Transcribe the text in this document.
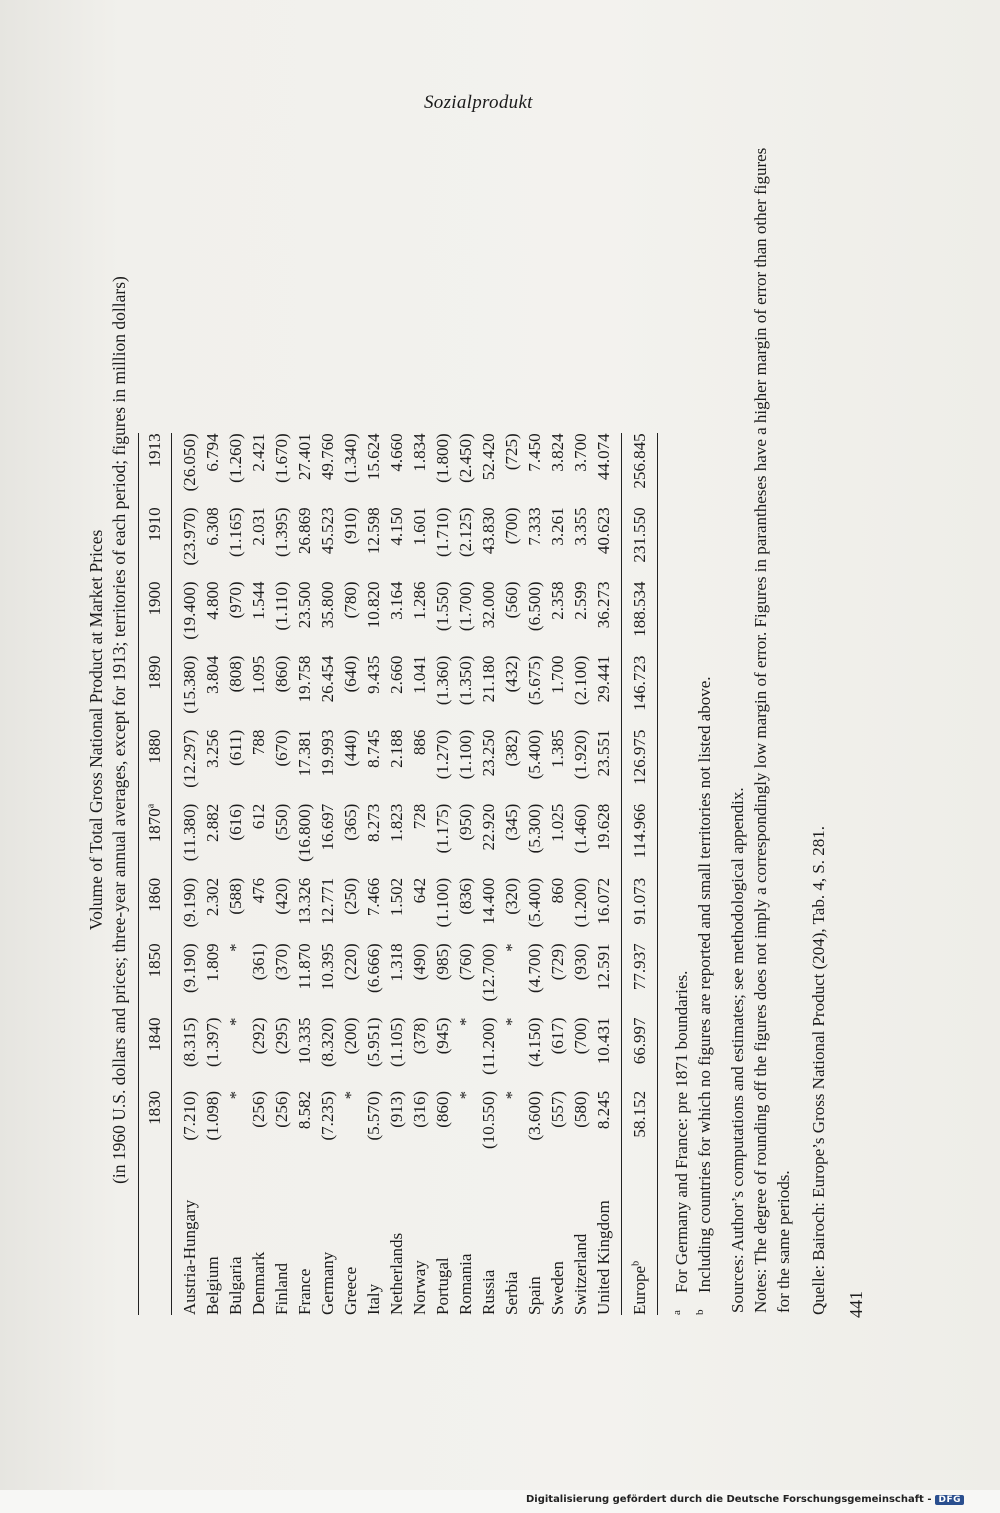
Sozialprodukt
Volume of Total Gross National Product at Market Prices (in 1960 U.S. dollars and prices; three-year annual averages, except for 1913; territories of each period; figures in million dollars)
	1830	1840	1850	1860	1870$^a$	1880	1890	1900	1910	1913
Austria-Hungary	(7.210)	(8.315)	(9.190)	(9.190)	(11.380)	(12.297)	(15.380)	(19.400)	(23.970)	(26.050)
Belgium	(1.098)	(1.397)	1.809	2.302	2.882	3.256	3.804	4.800	6.308	6.794
Bulgaria	*	*	*	(588)	(616)	(611)	(808)	(970)	(1.165)	(1.260)
Denmark	(256)	(292)	(361)	476	612	788	1.095	1.544	2.031	2.421
Finland	(256)	(295)	(370)	(420)	(550)	(670)	(860)	(1.110)	(1.395)	(1.670)
France	8.582	10.335	11.870	13.326	(16.800)	17.381	19.758	23.500	26.869	27.401
Germany	(7.235)	(8.320)	10.395	12.771	16.697	19.993	26.454	35.800	45.523	49.760
Greece	*	(200)	(220)	(250)	(365)	(440)	(640)	(780)	(910)	(1.340)
Italy	(5.570)	(5.951)	(6.666)	7.466	8.273	8.745	9.435	10.820	12.598	15.624
Netherlands	(913)	(1.105)	1.318	1.502	1.823	2.188	2.660	3.164	4.150	4.660
Norway	(316)	(378)	(490)	642	728	886	1.041	1.286	1.601	1.834
Portugal	(860)	(945)	(985)	(1.100)	(1.175)	(1.270)	(1.360)	(1.550)	(1.710)	(1.800)
Romania	*	*	(760)	(836)	(950)	(1.100)	(1.350)	(1.700)	(2.125)	(2.450)
Russia	(10.550)	(11.200)	(12.700)	14.400	22.920	23.250	21.180	32.000	43.830	52.420
Serbia	*	*	*	(320)	(345)	(382)	(432)	(560)	(700)	(725)
Spain	(3.600)	(4.150)	(4.700)	(5.400)	(5.300)	(5.400)	(5.675)	(6.500)	7.333	7.450
Sweden	(557)	(617)	(729)	860	1.025	1.385	1.700	2.358	3.261	3.824
Switzerland	(580)	(700)	(930)	(1.200)	(1.460)	(1.920)	(2.100)	2.599	3.355	3.700
United Kingdom	8.245	10.431	12.591	16.072	19.628	23.551	29.441	36.273	40.623	44.074
Europe$^b$	58.152	66.997	77.937	91.073	114.966	126.975	146.723	188.534	231.550	256.845
a
For Germany and France: pre 1871 boundaries.
b
Including countries for which no figures are reported and small territories not listed above. Sources: Author’s computations and estimates; see methodological appendix. Notes: The degree of rounding off the figures does not imply a correspondingly low margin of error. Figures in parantheses have a higher margin of error than other figures for the same periods. Quelle: Bairoch: Europe’s Gross National Product (204), Tab. 4, S. 281. 441
Digitalisierung gefördert durch die Deutsche Forschungsgemeinschaft - DFG
